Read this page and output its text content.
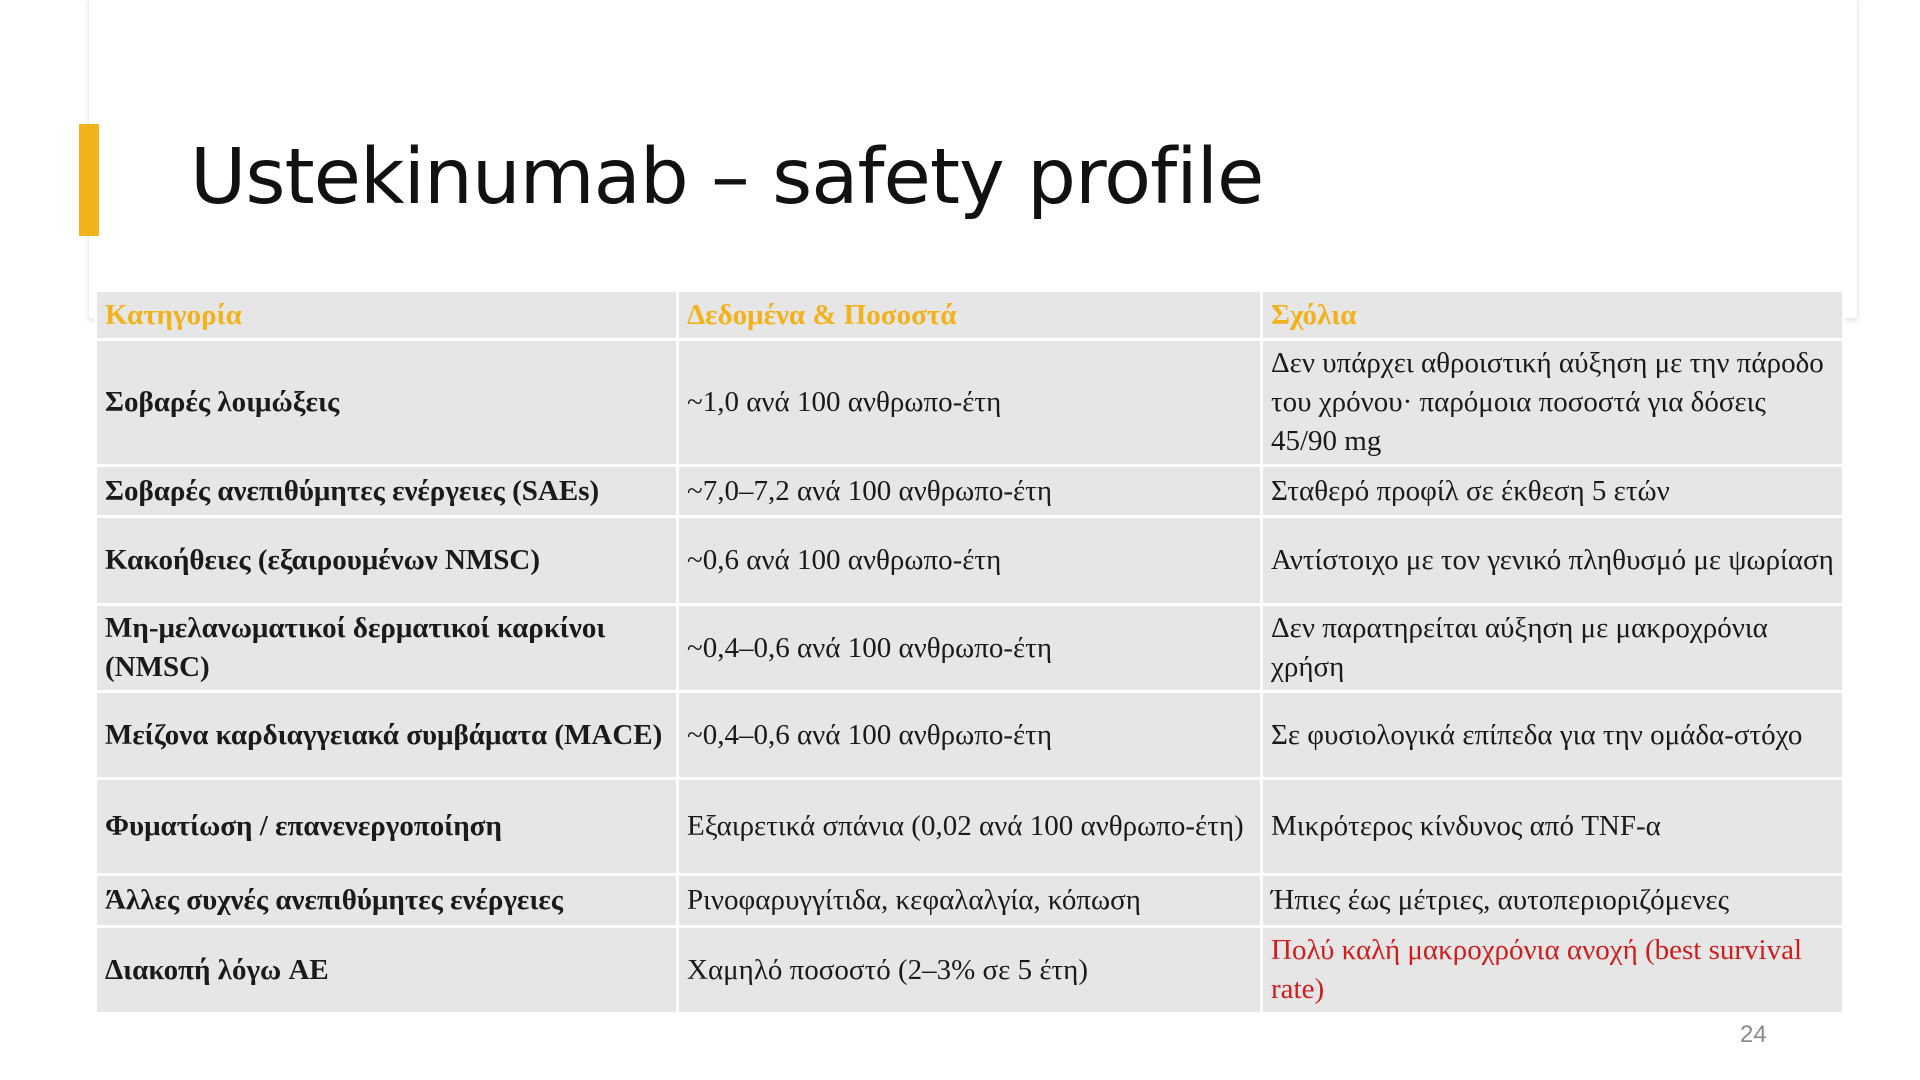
Ustekinumab – safety profile
Κατηγορία	Δεδομένα & Ποσοστά	Σχόλια
Σοβαρές λοιμώξεις	~1,0 ανά 100 ανθρωπο-έτη	Δεν υπάρχει αθροιστική αύξηση με την πάροδο του χρόνου· παρόμοια ποσοστά για δόσεις 45/90 mg
Σοβαρές ανεπιθύμητες ενέργειες (SAEs)	~7,0–7,2 ανά 100 ανθρωπο-έτη	Σταθερό προφίλ σε έκθεση 5 ετών
Κακοήθειες (εξαιρουμένων NMSC)	~0,6 ανά 100 ανθρωπο-έτη	Αντίστοιχο με τον γενικό πληθυσμό με ψωρίαση
Μη-μελανωματικοί δερματικοί καρκίνοι (NMSC)	~0,4–0,6 ανά 100 ανθρωπο-έτη	Δεν παρατηρείται αύξηση με μακροχρόνια χρήση
Μείζονα καρδιαγγειακά συμβάματα (MACE)	~0,4–0,6 ανά 100 ανθρωπο-έτη	Σε φυσιολογικά επίπεδα για την ομάδα-στόχο
Φυματίωση / επανενεργοποίηση	Εξαιρετικά σπάνια (0,02 ανά 100 ανθρωπο-έτη)	Μικρότερος κίνδυνος από TNF-α
Άλλες συχνές ανεπιθύμητες ενέργειες	Ρινοφαρυγγίτιδα, κεφαλαλγία, κόπωση	Ήπιες έως μέτριες, αυτοπεριοριζόμενες
Διακοπή λόγω AE	Χαμηλό ποσοστό (2–3% σε 5 έτη)	Πολύ καλή μακροχρόνια ανοχή (best survival rate)
24
